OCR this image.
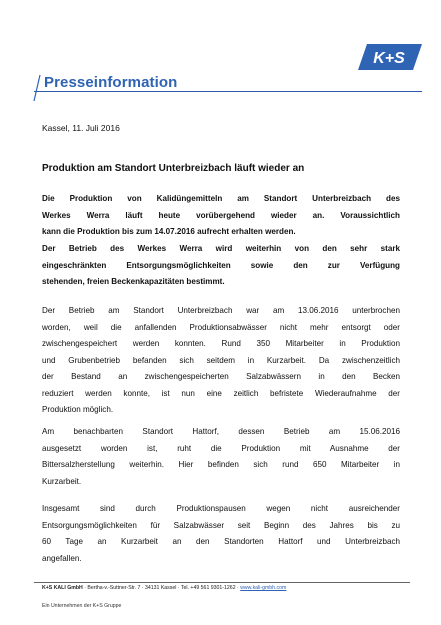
K+S
Presseinformation
Kassel, 11. Juli 2016
Produktion am Standort Unterbreizbach läuft wieder an

Die Produktion von Kalidüngemitteln am Standort Unterbreizbach des
Werkes Werra läuft heute vorübergehend wieder an. Voraussichtlich
kann die Produktion bis zum 14.07.2016 aufrecht erhalten werden.

Der Betrieb des Werkes Werra wird weiterhin von den sehr stark
eingeschränkten Entsorgungsmöglichkeiten sowie den zur Verfügung
stehenden, freien Beckenkapazitäten bestimmt.

Der Betrieb am Standort Unterbreizbach war am 13.06.2016 unterbrochen
worden, weil die anfallenden Produktionsabwässer nicht mehr entsorgt oder
zwischengespeichert werden konnten. Rund 350 Mitarbeiter in Produktion
und Grubenbetrieb befanden sich seitdem in Kurzarbeit. Da zwischenzeitlich
der Bestand an zwischengespeicherten Salzabwässern in den Becken
reduziert werden konnte, ist nun eine zeitlich befristete Wiederaufnahme der
Produktion möglich.

Am benachbarten Standort Hattorf, dessen Betrieb am 15.06.2016
ausgesetzt worden ist, ruht die Produktion mit Ausnahme der
Bittersalzherstellung weiterhin. Hier befinden sich rund 650 Mitarbeiter in
Kurzarbeit.

Insgesamt sind durch Produktionspausen wegen nicht ausreichender
Entsorgungsmöglichkeiten für Salzabwässer seit Beginn des Jahres bis zu
60 Tage an Kurzarbeit an den Standorten Hattorf und Unterbreizbach
angefallen.

K+S KALI GmbH · Bertha-v.-Suttner-Str. 7 · 34131 Kassel · Tel. +49 561 9301-1262 · www.kali-gmbh.com
Ein Unternehmen der K+S Gruppe
